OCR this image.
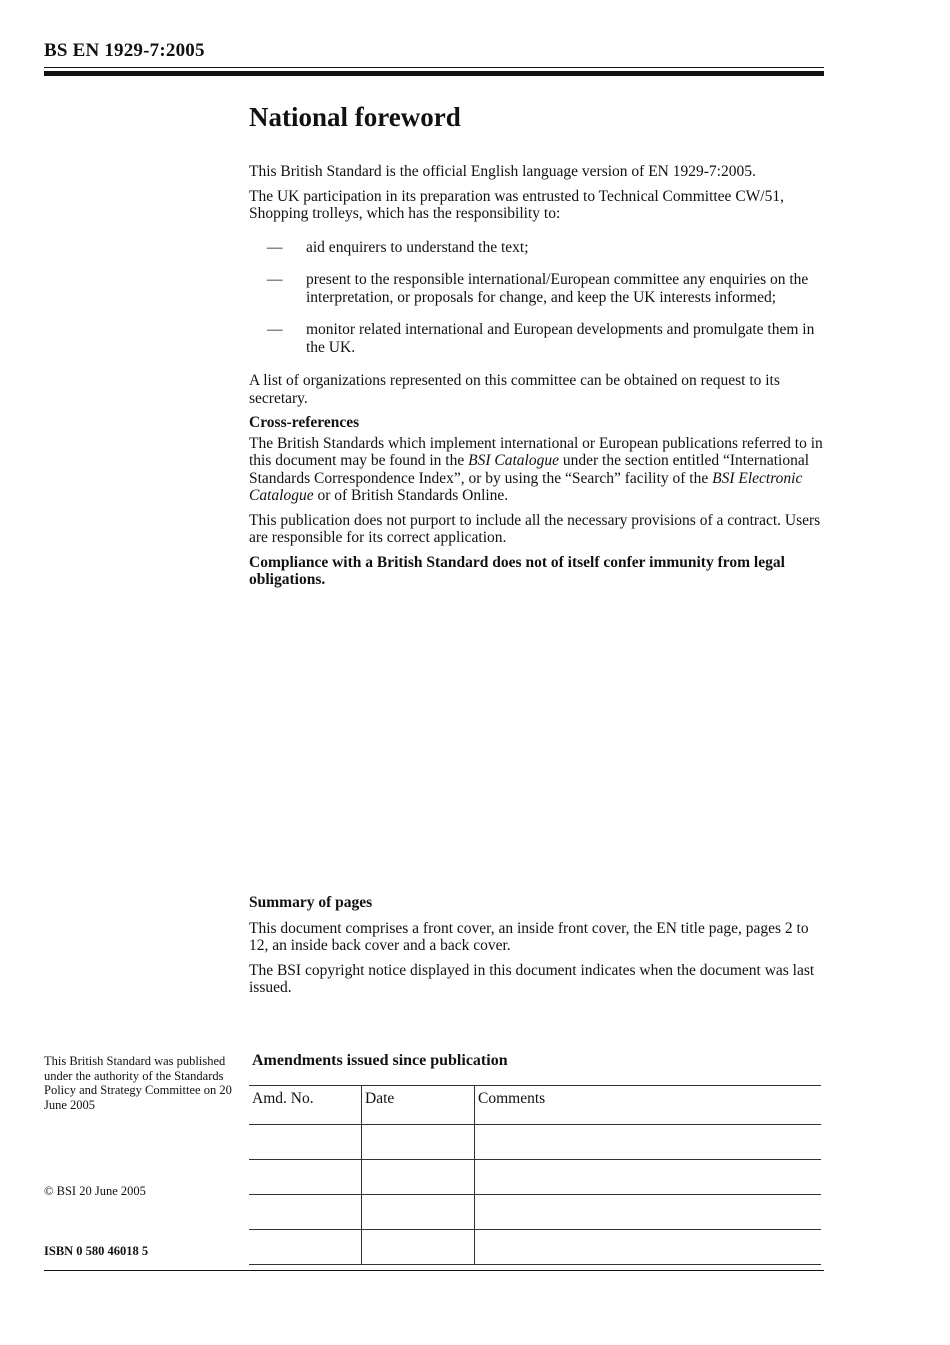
BS EN 1929-7:2005
National foreword

This British Standard is the official English language version of EN 1929-7:2005.

The UK participation in its preparation was entrusted to Technical Committee CW/51, Shopping trolleys, which has the responsibility to:

—	aid enquirers to understand the text;
—	present to the responsible international/European committee any enquiries on the interpretation, or proposals for change, and keep the UK interests informed;
—	monitor related international and European developments and promulgate them in the UK.

A list of organizations represented on this committee can be obtained on request to its secretary.

Cross-references

The British Standards which implement international or European publications referred to in this document may be found in the BSI Catalogue under the section entitled “International Standards Correspondence Index”, or by using the “Search” facility of the BSI Electronic Catalogue or of British Standards Online.

This publication does not purport to include all the necessary provisions of a contract. Users are responsible for its correct application.

Compliance with a British Standard does not of itself confer immunity from legal obligations.

Summary of pages

This document comprises a front cover, an inside front cover, the EN title page, pages 2 to 12, an inside back cover and a back cover.

The BSI copyright notice displayed in this document indicates when the document was last issued.

This British Standard was published under the authority of the Standards Policy and Strategy Committee on 20 June 2005
© BSI 20 June 2005
ISBN 0 580 46018 5
Amendments issued since publication
Amd. No.	Date	Comments
